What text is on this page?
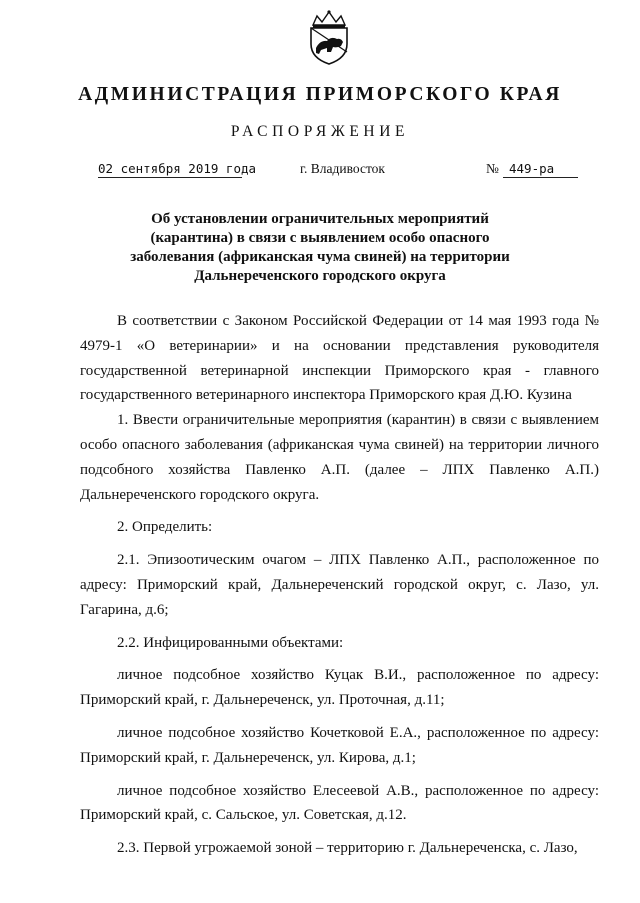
АДМИНИСТРАЦИЯ ПРИМОРСКОГО КРАЯ
РАСПОРЯЖЕНИЕ
02 сентября 2019 года	г. Владивосток	№ 449-ра
Об установлении ограничительных мероприятий
(карантина) в связи с выявлением особо опасного
заболевания (африканская чума свиней) на территории
Дальнереченского городского округа

В соответствии с Законом Российской Федерации от 14 мая 1993 года № 4979-1 «О ветеринарии» и на основании представления руководителя государственной ветеринарной инспекции Приморского края - главного государственного ветеринарного инспектора Приморского края Д.Ю. Кузина

1. Ввести ограничительные мероприятия (карантин) в связи с выявлением особо опасного заболевания (африканская чума свиней) на территории личного подсобного хозяйства Павленко А.П. (далее – ЛПХ Павленко А.П.) Дальнереченского городского округа.

2. Определить:

2.1. Эпизоотическим очагом – ЛПХ Павленко А.П., расположенное по адресу: Приморский край, Дальнереченский городской округ, с. Лазо, ул. Гагарина, д.6;

2.2. Инфицированными объектами:

личное подсобное хозяйство Куцак В.И., расположенное по адресу: Приморский край, г. Дальнереченск, ул. Проточная, д.11;

личное подсобное хозяйство Кочетковой Е.А., расположенное по адресу: Приморский край, г. Дальнереченск, ул. Кирова, д.1;

личное подсобное хозяйство Елесеевой А.В., расположенное по адресу: Приморский край, с. Сальское, ул. Советская, д.12.

2.3. Первой угрожаемой зоной – территорию г. Дальнереченска, с. Лазо,
